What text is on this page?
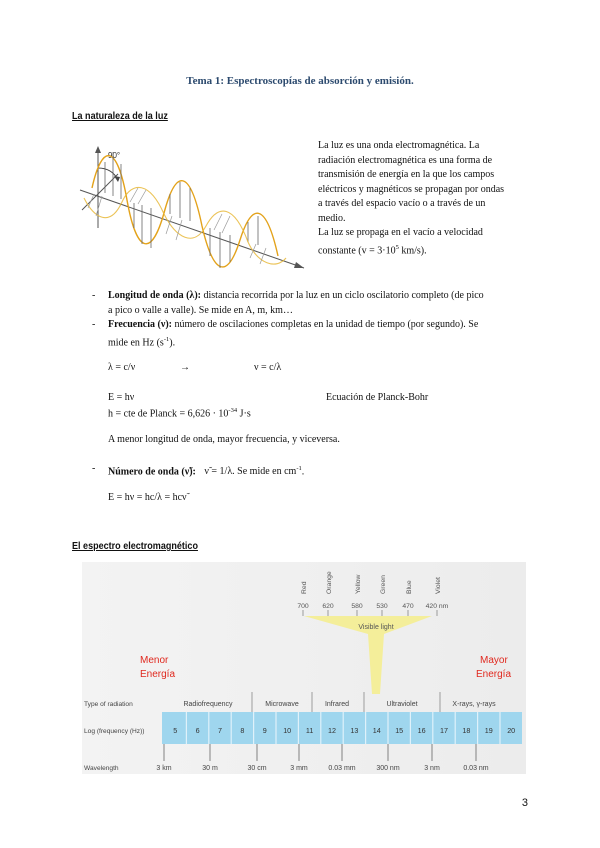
Tema 1: Espectroscopías de absorción y emisión.
La naturaleza de la luz
90°
La luz es una onda electromagnética. La
radiación electromagnética es una forma de
transmisión de energía en la que los campos
eléctricos y magnéticos se propagan por ondas
a través del espacio vacío o a través de un
medio.
La luz se propaga en el vacío a velocidad
constante ($v = 3\cdot 10^5$ km/s).
- Longitud de onda (λ): distancia recorrida por la luz en un ciclo oscilatorio completo (de pico
a pico o valle a valle). Se mide en A, m, km…
- Frecuencia (ν): número de oscilaciones completas en la unidad de tiempo (por segundo). Se
mide en Hz $(s^{-1})$.
λ = c/ν	→	ν = c/λ
E = hν	Ecuación de Planck-Bohr
h = cte de Planck = $6,626 \cdot 10^{-34}$ J·s
A menor longitud de onda, mayor frecuencia, y viceversa.
- Número de onda (ν̃): ν̃ = 1/λ. Se mide en $cm^{-1}$.
E = hν = hc/λ = hcν̃
El espectro electromagnético
Red
700
Orange
620
Yellow
580
Green
530
Blue
470
Violet
420 nm
Visible light
Menor
Energía
Mayor
Energía
Type of radiation
Log (frequency (Hz))
Wavelength
Radiofrequency	Microwave	Infrared	Ultraviolet	X-rays, γ-rays
5	6	7	8	9 10 11 12 13 14 15 16 17 18 19 20
3 km	30 m	30 cm	3 mm	0.03 mm	300 nm	3 nm	0.03 nm
3
